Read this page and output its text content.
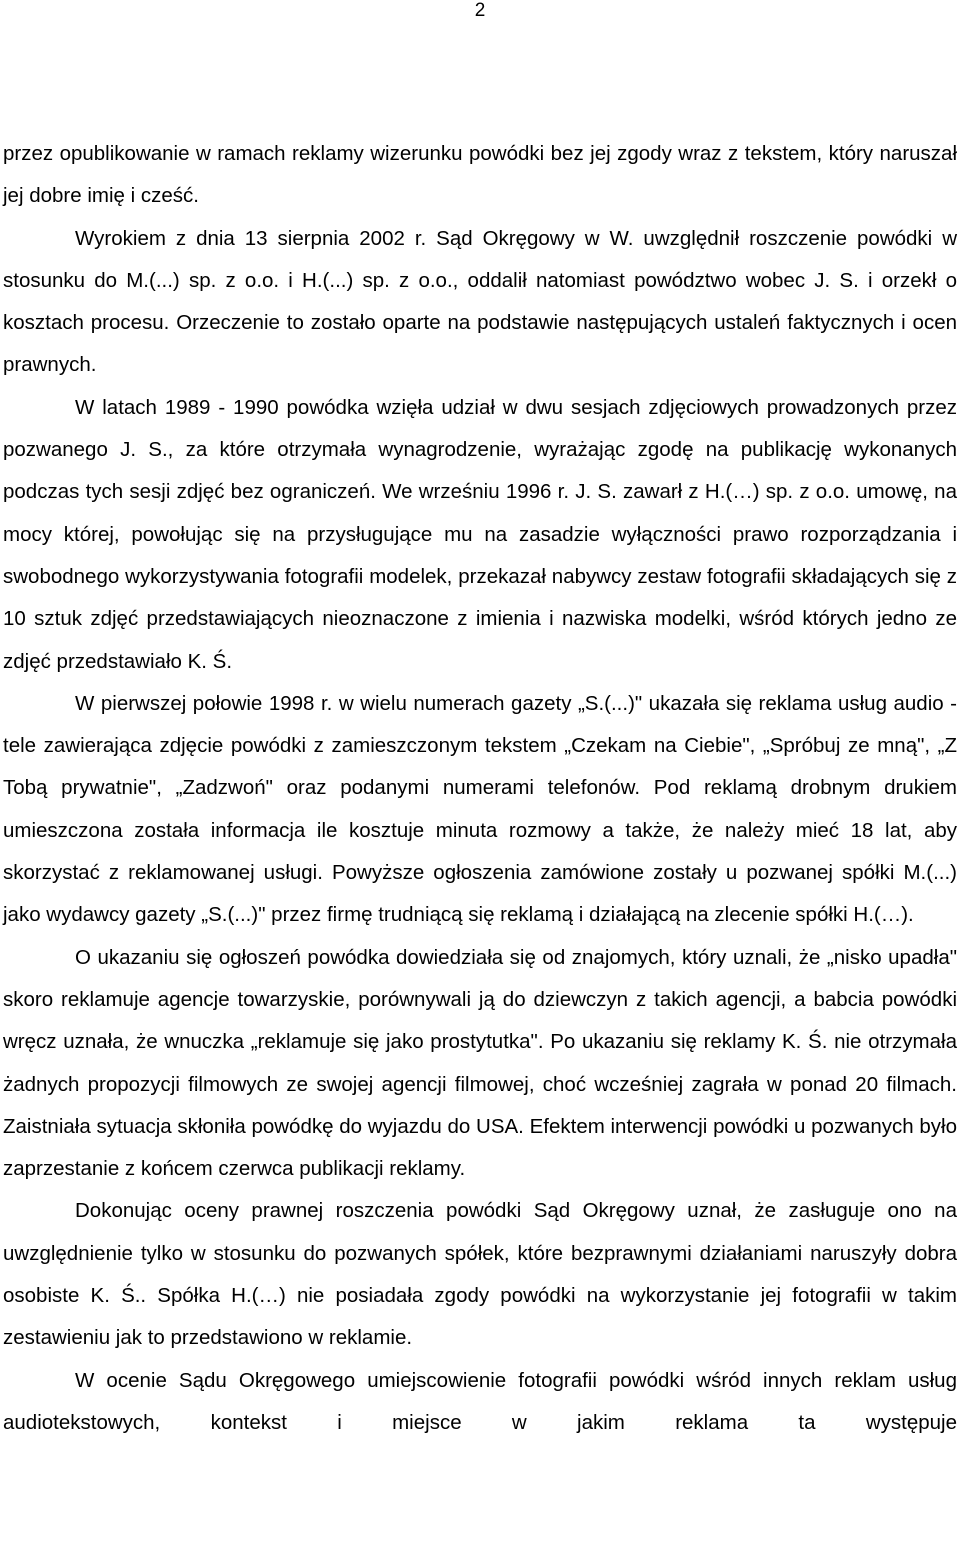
2

przez opublikowanie w ramach reklamy wizerunku powódki bez jej zgody wraz z tekstem, który naruszał jej dobre imię i cześć.

Wyrokiem z dnia 13 sierpnia 2002 r. Sąd Okręgowy w W. uwzględnił roszczenie powódki w stosunku do M.(...) sp. z o.o. i H.(...) sp. z o.o., oddalił natomiast powództwo wobec J. S. i orzekł o kosztach procesu. Orzeczenie to zostało oparte na podstawie następujących ustaleń faktycznych i ocen prawnych.

W latach 1989 - 1990 powódka wzięła udział w dwu sesjach zdjęciowych prowadzonych przez pozwanego J. S., za które otrzymała wynagrodzenie, wyrażając zgodę na publikację wykonanych podczas tych sesji zdjęć bez ograniczeń. We wrześniu 1996 r. J. S. zawarł z H.(…) sp. z o.o. umowę, na mocy której, powołując się na przysługujące mu na zasadzie wyłączności prawo rozporządzania i swobodnego wykorzystywania fotografii modelek, przekazał nabywcy zestaw fotografii składających się z 10 sztuk zdjęć przedstawiających nieoznaczone z imienia i nazwiska modelki, wśród których jedno ze zdjęć przedstawiało K. Ś.

W pierwszej połowie 1998 r. w wielu numerach gazety „S.(...)" ukazała się reklama usług audio - tele zawierająca zdjęcie powódki z zamieszczonym tekstem „Czekam na Ciebie", „Spróbuj ze mną", „Z Tobą prywatnie", „Zadzwoń" oraz podanymi numerami telefonów. Pod reklamą drobnym drukiem umieszczona została informacja ile kosztuje minuta rozmowy a także, że należy mieć 18 lat, aby skorzystać z reklamowanej usługi. Powyższe ogłoszenia zamówione zostały u pozwanej spółki M.(...) jako wydawcy gazety „S.(...)" przez firmę trudniącą się reklamą i działającą na zlecenie spółki H.(…).

O ukazaniu się ogłoszeń powódka dowiedziała się od znajomych, który uznali, że „nisko upadła" skoro reklamuje agencje towarzyskie, porównywali ją do dziewczyn z takich agencji, a babcia powódki wręcz uznała, że wnuczka „reklamuje się jako prostytutka". Po ukazaniu się reklamy K. Ś. nie otrzymała żadnych propozycji filmowych ze swojej agencji filmowej, choć wcześniej zagrała w ponad 20 filmach. Zaistniała sytuacja skłoniła powódkę do wyjazdu do USA. Efektem interwencji powódki u pozwanych było zaprzestanie z końcem czerwca publikacji reklamy.

Dokonując oceny prawnej roszczenia powódki Sąd Okręgowy uznał, że zasługuje ono na uwzględnienie tylko w stosunku do pozwanych spółek, które bezprawnymi działaniami naruszyły dobra osobiste K. Ś.. Spółka H.(…) nie posiadała zgody powódki na wykorzystanie jej fotografii w takim zestawieniu jak to przedstawiono w reklamie.

W ocenie Sądu Okręgowego umiejscowienie fotografii powódki wśród innych reklam usług audiotekstowych, kontekst i miejsce w jakim reklama ta występuje
